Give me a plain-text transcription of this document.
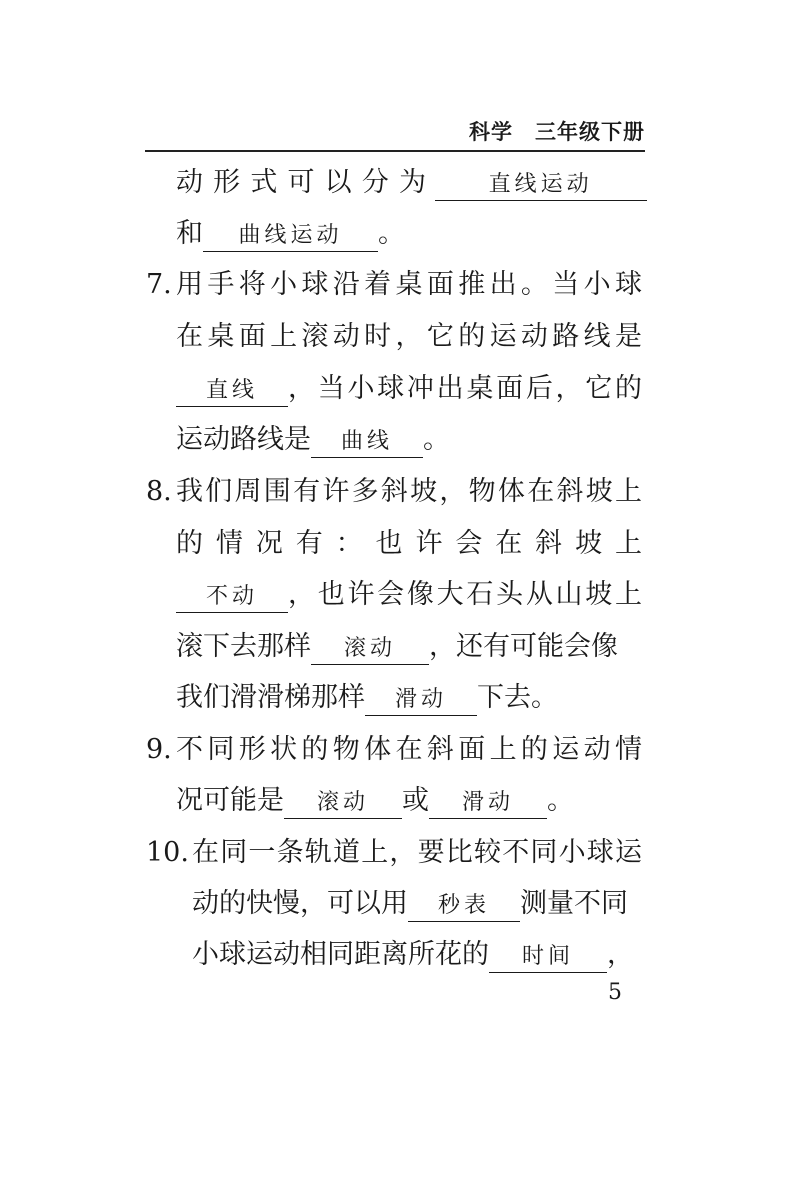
科学　三年级下册
动形式可以分为	直线运动
和 曲线运动 。
7. 用手将小球沿着桌面推出。当小球
在桌面上滚动时，它的运动路线是
直线 ，当小球冲出桌面后，它的
运动路线是 曲线 。
8. 我们周围有许多斜坡，物体在斜坡上
的情况有：也许会在斜坡上
不动 ，也许会像大石头从山坡上
滚下去那样 滚动 ，还有可能会像
我们滑滑梯那样 滑动 下去。
9. 不同形状的物体在斜面上的运动情
况可能是 滚动 或 滑动 。
10. 在同一条轨道上，要比较不同小球运
动的快慢，可以用 秒表 测量不同
小球运动相同距离所花的 时间 ，
5
